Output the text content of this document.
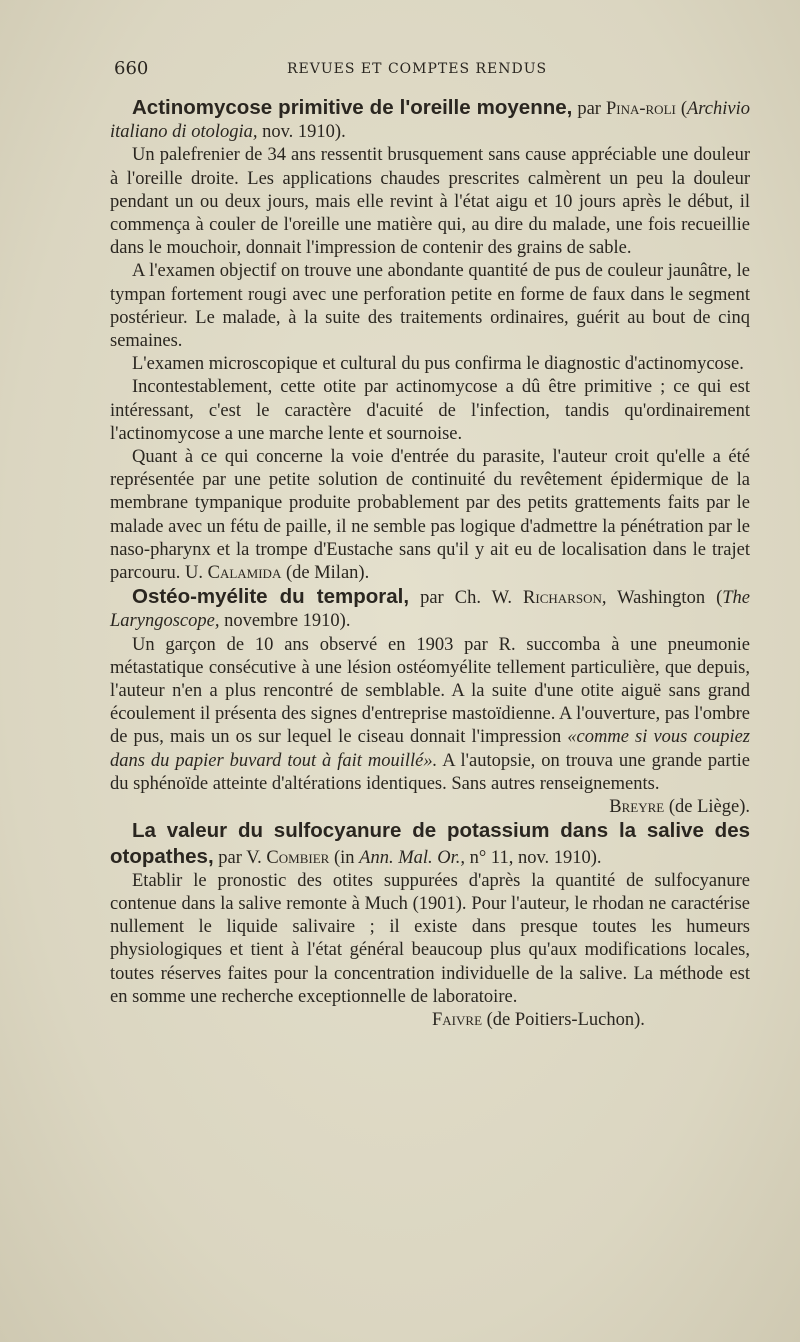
660	REVUES ET COMPTES RENDUS

Actinomycose primitive de l'oreille moyenne, par Pina-roli (Archivio italiano di otologia, nov. 1910).

Un palefrenier de 34 ans ressentit brusquement sans cause appréciable une douleur à l'oreille droite. Les applications chaudes prescrites calmèrent un peu la douleur pendant un ou deux jours, mais elle revint à l'état aigu et 10 jours après le début, il commença à couler de l'oreille une matière qui, au dire du malade, une fois recueillie dans le mouchoir, donnait l'impression de contenir des grains de sable.

A l'examen objectif on trouve une abondante quantité de pus de couleur jaunâtre, le tympan fortement rougi avec une perforation petite en forme de faux dans le segment postérieur. Le malade, à la suite des traitements ordinaires, guérit au bout de cinq semaines.

L'examen microscopique et cultural du pus confirma le diagnostic d'actinomycose.

Incontestablement, cette otite par actinomycose a dû être primitive ; ce qui est intéressant, c'est le caractère d'acuité de l'infection, tandis qu'ordinairement l'actinomycose a une marche lente et sournoise.

Quant à ce qui concerne la voie d'entrée du parasite, l'auteur croit qu'elle a été représentée par une petite solution de continuité du revêtement épidermique de la membrane tympanique produite probablement par des petits grattements faits par le malade avec un fétu de paille, il ne semble pas logique d'admettre la pénétration par le naso-pharynx et la trompe d'Eustache sans qu'il y ait eu de localisation dans le trajet parcouru. U. Calamida (de Milan).

Ostéo-myélite du temporal, par Ch. W. Richarson, Washington (The Laryngoscope, novembre 1910).

Un garçon de 10 ans observé en 1903 par R. succomba à une pneumonie métastatique consécutive à une lésion ostéomyélite tellement particulière, que depuis, l'auteur n'en a plus rencontré de semblable. A la suite d'une otite aiguë sans grand écoulement il présenta des signes d'entreprise mastoïdienne. A l'ouverture, pas l'ombre de pus, mais un os sur lequel le ciseau donnait l'impression «comme si vous coupiez dans du papier buvard tout à fait mouillé». A l'autopsie, on trouva une grande partie du sphénoïde atteinte d'altérations identiques. Sans autres renseignements.

Breyre (de Liège).

La valeur du sulfocyanure de potassium dans la salive des otopathes, par V. Combier (in Ann. Mal. Or., n° 11, nov. 1910).

Etablir le pronostic des otites suppurées d'après la quantité de sulfocyanure contenue dans la salive remonte à Much (1901). Pour l'auteur, le rhodan ne caractérise nullement le liquide salivaire ; il existe dans presque toutes les humeurs physiologiques et tient à l'état général beaucoup plus qu'aux modifications locales, toutes réserves faites pour la concentration individuelle de la salive. La méthode est en somme une recherche exceptionnelle de laboratoire.

Faivre (de Poitiers-Luchon).
